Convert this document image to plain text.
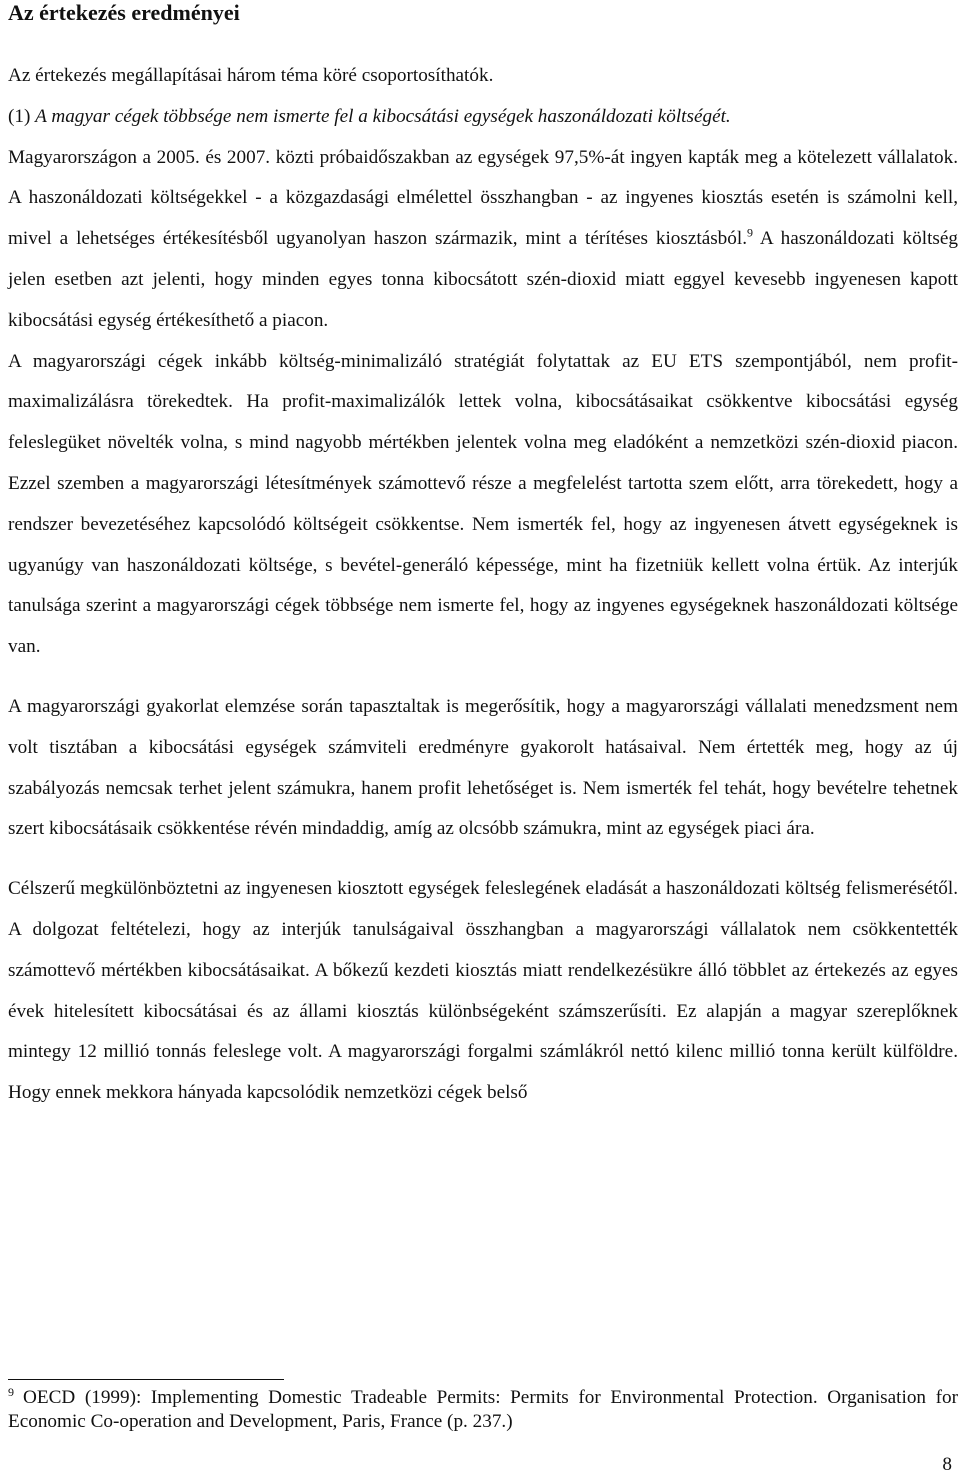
Az értekezés eredményei

Az értekezés megállapításai három téma köré csoportosíthatók.

(1) A magyar cégek többsége nem ismerte fel a kibocsátási egységek haszonáldozati költségét.

Magyarországon a 2005. és 2007. közti próbaidőszakban az egységek 97,5%-át ingyen kapták meg a kötelezett vállalatok. A haszonáldozati költségekkel - a közgazdasági elmélettel összhangban - az ingyenes kiosztás esetén is számolni kell, mivel a lehetséges értékesítésből ugyanolyan haszon származik, mint a térítéses kiosztásból.$^9$ A haszonáldozati költség jelen esetben azt jelenti, hogy minden egyes tonna kibocsátott szén-dioxid miatt eggyel kevesebb ingyenesen kapott kibocsátási egység értékesíthető a piacon.

A magyarországi cégek inkább költség-minimalizáló stratégiát folytattak az EU ETS szempontjából, nem profit-maximalizálásra törekedtek. Ha profit-maximalizálók lettek volna, kibocsátásaikat csökkentve kibocsátási egység feleslegüket növelték volna, s mind nagyobb mértékben jelentek volna meg eladóként a nemzetközi szén-dioxid piacon. Ezzel szemben a magyarországi létesítmények számottevő része a megfelelést tartotta szem előtt, arra törekedett, hogy a rendszer bevezetéséhez kapcsolódó költségeit csökkentse. Nem ismerték fel, hogy az ingyenesen átvett egységeknek is ugyanúgy van haszonáldozati költsége, s bevétel-generáló képessége, mint ha fizetniük kellett volna értük. Az interjúk tanulsága szerint a magyarországi cégek többsége nem ismerte fel, hogy az ingyenes egységeknek haszonáldozati költsége van.

A magyarországi gyakorlat elemzése során tapasztaltak is megerősítik, hogy a magyarországi vállalati menedzsment nem volt tisztában a kibocsátási egységek számviteli eredményre gyakorolt hatásaival. Nem értették meg, hogy az új szabályozás nemcsak terhet jelent számukra, hanem profit lehetőséget is. Nem ismerték fel tehát, hogy bevételre tehetnek szert kibocsátásaik csökkentése révén mindaddig, amíg az olcsóbb számukra, mint az egységek piaci ára.

Célszerű megkülönböztetni az ingyenesen kiosztott egységek feleslegének eladását a haszonáldozati költség felismerésétől. A dolgozat feltételezi, hogy az interjúk tanulságaival összhangban a magyarországi vállalatok nem csökkentették számottevő mértékben kibocsátásaikat. A bőkezű kezdeti kiosztás miatt rendelkezésükre álló többlet az értekezés az egyes évek hitelesített kibocsátásai és az állami kiosztás különbségeként számszerűsíti. Ez alapján a magyar szereplőknek mintegy 12 millió tonnás feleslege volt. A magyarországi forgalmi számlákról nettó kilenc millió tonna került külföldre. Hogy ennek mekkora hányada kapcsolódik nemzetközi cégek belső

$^9$ OECD (1999): Implementing Domestic Tradeable Permits: Permits for Environmental Protection. Organisation for Economic Co-operation and Development, Paris, France (p. 237.)
8
